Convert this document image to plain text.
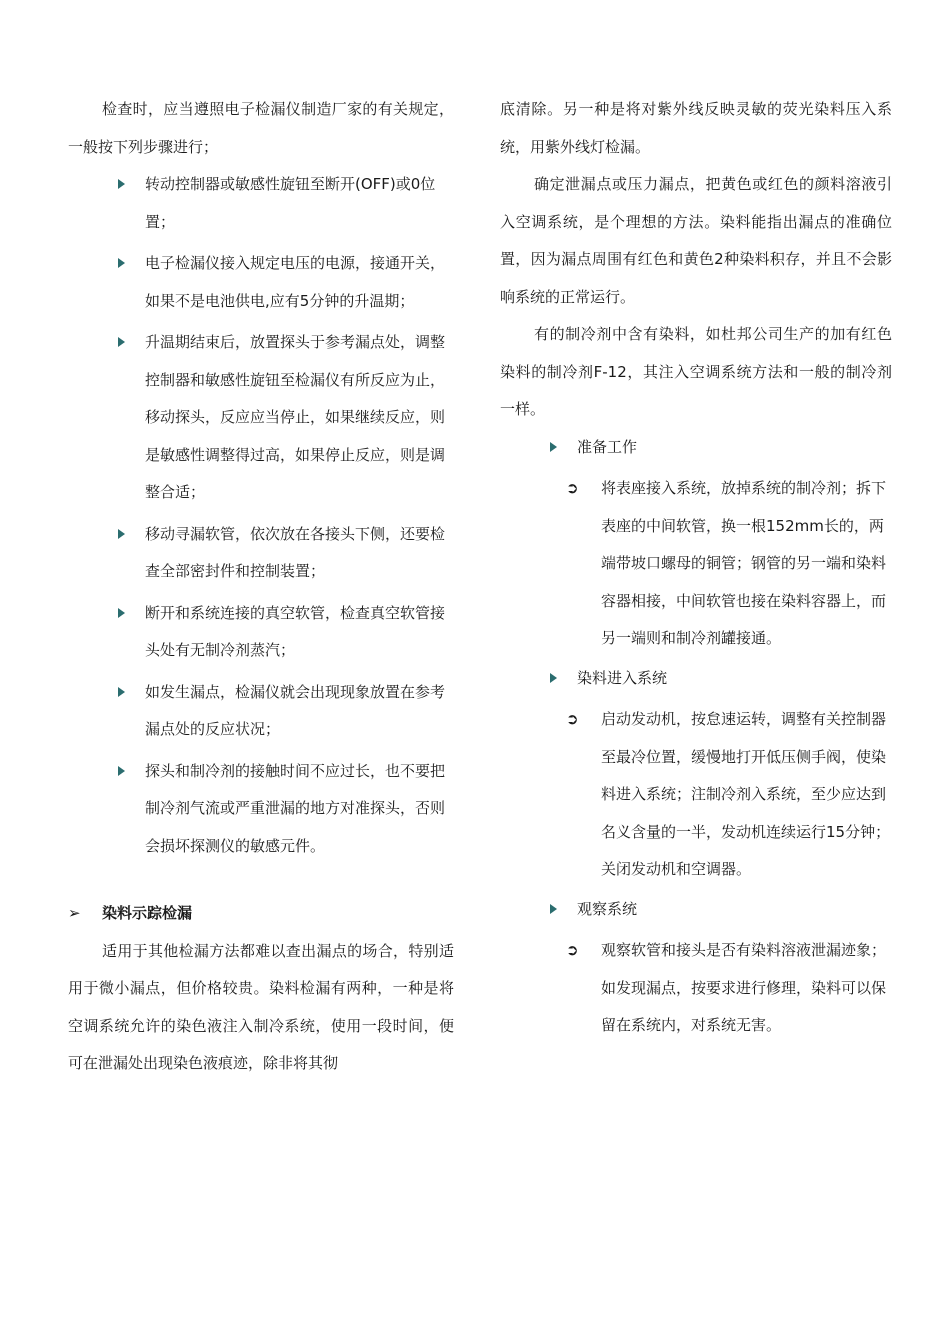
检查时，应当遵照电子检漏仪制造厂家的有关规定，一般按下列步骤进行；

转动控制器或敏感性旋钮至断开(OFF)或0位置；
电子检漏仪接入规定电压的电源，接通开关，如果不是电池供电,应有5分钟的升温期；
升温期结束后，放置探头于参考漏点处，调整控制器和敏感性旋钮至检漏仪有所反应为止，移动探头，反应应当停止，如果继续反应，则是敏感性调整得过高，如果停止反应，则是调整合适；
移动寻漏软管，依次放在各接头下侧，还要检查全部密封件和控制装置；
断开和系统连接的真空软管，检查真空软管接头处有无制冷剂蒸汽；
如发生漏点，检漏仪就会出现现象放置在参考漏点处的反应状况；
探头和制冷剂的接触时间不应过长，也不要把制冷剂气流或严重泄漏的地方对准探头，否则会损坏探测仪的敏感元件。
➢ 染料示踪检漏

适用于其他检漏方法都难以查出漏点的场合，特别适用于微小漏点，但价格较贵。染料检漏有两种，一种是将空调系统允许的染色液注入制冷系统，使用一段时间，便可在泄漏处出现染色液痕迹，除非将其彻

底清除。另一种是将对紫外线反映灵敏的荧光染料压入系统，用紫外线灯检漏。

确定泄漏点或压力漏点，把黄色或红色的颜料溶液引入空调系统，是个理想的方法。染料能指出漏点的准确位置，因为漏点周围有红色和黄色2种染料积存，并且不会影响系统的正常运行。

有的制冷剂中含有染料，如杜邦公司生产的加有红色染料的制冷剂F-12，其注入空调系统方法和一般的制冷剂一样。

准备工作
➲ 将表座接入系统，放掉系统的制冷剂；拆下表座的中间软管，换一根152mm长的，两端带坡口螺母的铜管；钢管的另一端和染料容器相接，中间软管也接在染料容器上，而另一端则和制冷剂罐接通。
染料进入系统
➲ 启动发动机，按怠速运转，调整有关控制器至最冷位置，缓慢地打开低压侧手阀，使染料进入系统；注制冷剂入系统，至少应达到名义含量的一半，发动机连续运行15分钟；关闭发动机和空调器。
观察系统
➲ 观察软管和接头是否有染料溶液泄漏迹象；如发现漏点，按要求进行修理，染料可以保留在系统内，对系统无害。
